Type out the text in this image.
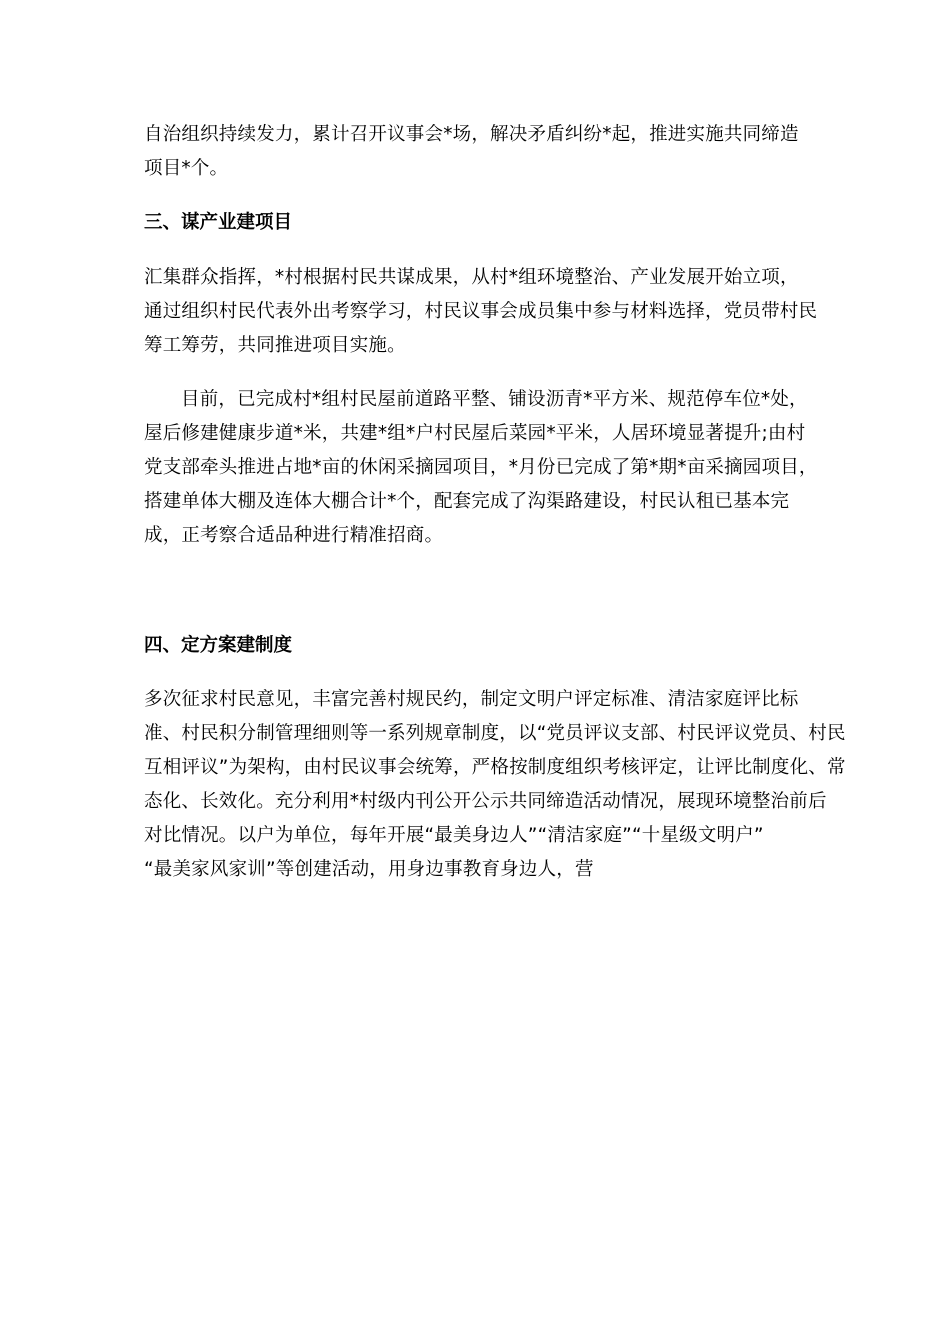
自治组织持续发力，累计召开议事会*场，解决矛盾纠纷*起，推进实施共同缔造
项目*个。
三、谋产业建项目
汇集群众指挥，*村根据村民共谋成果，从村*组环境整治、产业发展开始立项，
通过组织村民代表外出考察学习，村民议事会成员集中参与材料选择，党员带村民
筹工筹劳，共同推进项目实施。
目前，已完成村*组村民屋前道路平整、铺设沥青*平方米、规范停车位*处，
屋后修建健康步道*米，共建*组*户村民屋后菜园*平米，人居环境显著提升;由村
党支部牵头推进占地*亩的休闲采摘园项目，*月份已完成了第*期*亩采摘园项目，
搭建单体大棚及连体大棚合计*个，配套完成了沟渠路建设，村民认租已基本完
成，正考察合适品种进行精准招商。
四、定方案建制度
多次征求村民意见，丰富完善村规民约，制定文明户评定标准、清洁家庭评比标
准、村民积分制管理细则等一系列规章制度，以“党员评议支部、村民评议党员、村民
互相评议”为架构，由村民议事会统筹，严格按制度组织考核评定，让评比制度化、常
态化、长效化。充分利用*村级内刊公开公示共同缔造活动情况，展现环境整治前后
对比情况。以户为单位，每年开展“最美身边人”“清洁家庭”“十星级文明户”
“最美家风家训”等创建活动，用身边事教育身边人，营
